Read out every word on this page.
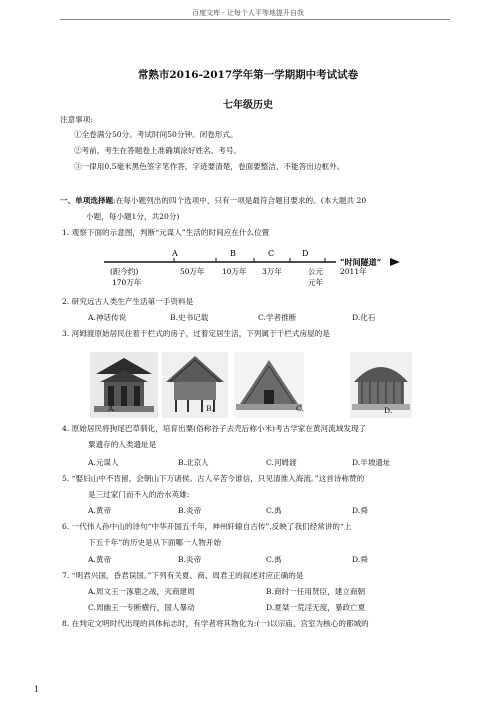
百度文库 - 让每个人平等地提升自我
常熟市2016-2017学年第一学期期中考试试卷
七年级历史
注意事项:
①全卷满分50分。考试时间50分钟。闭卷形式。
②考前，考生在答题卷上准确填涂好姓名、考号。
③一律用0.5毫米黑色签字笔作答，字迹要清楚，卷面要整洁，不能答出边框外。
一、单项选择题:在每小题列出的四个选项中，只有一项是最符合题目要求的。(本大题共 20
小题，每小题1分，共20分)
1. 观察下面的示意图，判断“元谋人”生活的时间应在什么位置
A	B	C	D
“时间隧道”
(距今约)
170万年
50万年 10万年 3万年	公元
元年
2011年
2. 研究远古人类生产生活第一手资料是
A.神话传说	B.史书记载	C.学者推断	D.化石
3. 河姆渡原始居民住着干栏式的房子，过着定居生活，下列属于干栏式房屋的是
A.	B.	C.	D.
4. 原始居民将狗尾巴草驯化，培育出粟(俗称谷子去壳后称小米)考古学家在黄河流域发现了
粟遗存的人类遗址是
A.元谋人	B.北京人	C.河姆渡	D.半坡遗址
5. “娶妇山中不肯留，会朝山下万诸侯。古人辛苦今谁信，只见清淮入海流。”这首诗称赞的
是三过家门而不入的治水英雄:
A.黄帝	B.炎帝	C.禹	D.舜
6. 一代伟人孙中山的诗句“中华开国五千年，神州轩辕自古传”.反映了我们经常讲的“上
下五千年”的历史是从下面哪一人物开始
A.黄帝	B.炎帝	C.禹	D.舜
7. “明君兴国，昏君误国。”下列有关夏、商、周君王的叙述对应正确的是
A.周文王一涿鹿之战，灭商建周	B.商纣一任用贤臣，建立商朝
C.周幽王一专断横行，国人暴动	D.夏桀一荒淫无度，暴政亡夏
8. 在判定文明时代出现的具体标志时，有学者将其物化为:(一)以宗庙、宫室为核心的都城的
1
